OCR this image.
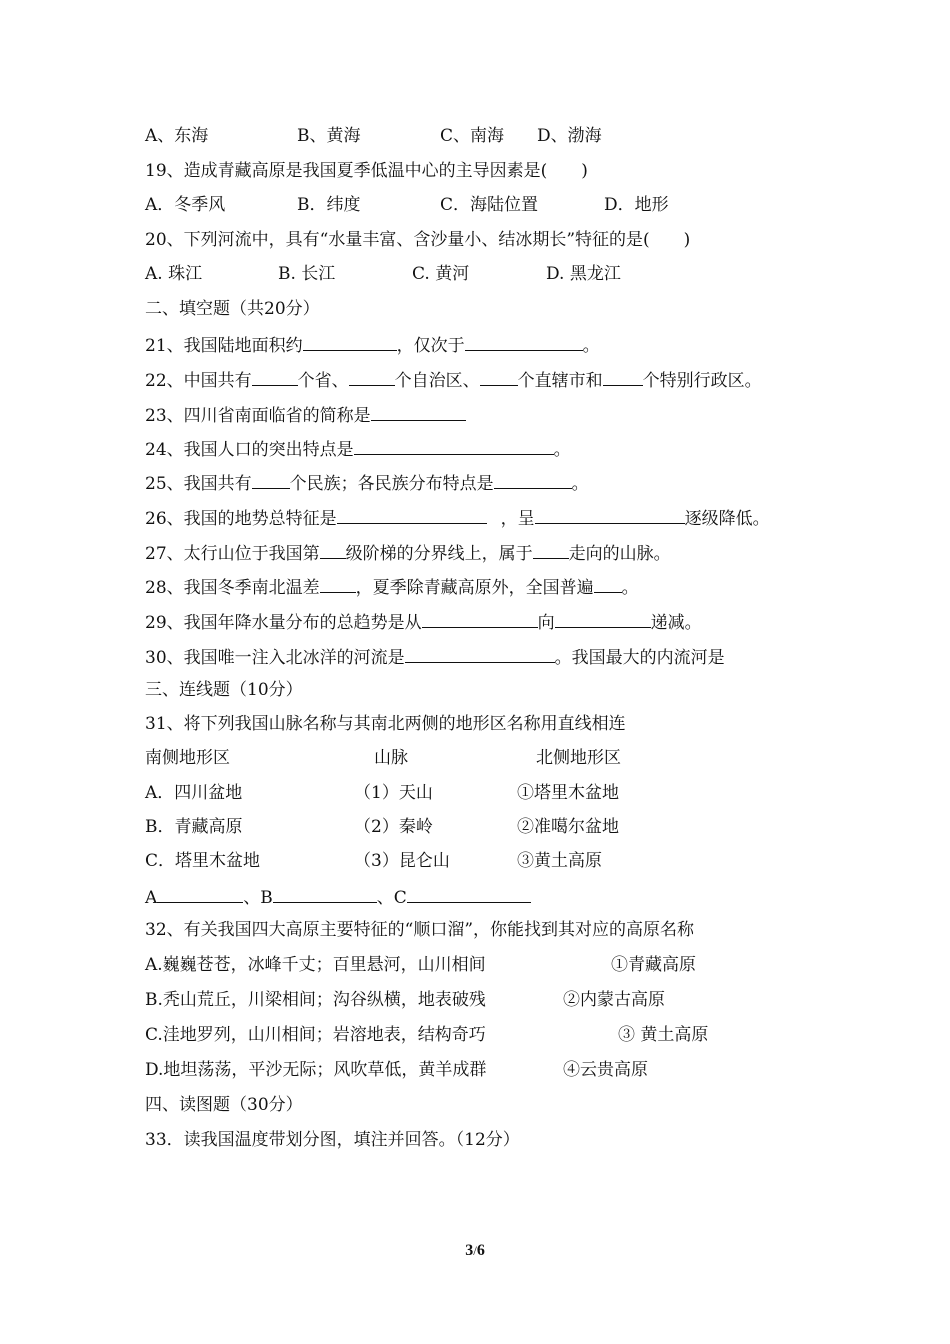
A、东海	B、黄海	C、南海 D、渤海
19、造成青藏高原是我国夏季低温中心的主导因素是(　　)
A．冬季风	B．纬度	C．海陆位置	D．地形
20、下列河流中，具有“水量丰富、含沙量小、结冰期长”特征的是(　　)
A. 珠江	B. 长江	C. 黄河	D. 黑龙江
二、填空题（共20分）
21、我国陆地面积约	，仅次于	。
22、中国共有	个省、	个自治区、 个直辖市和 个特别行政区。
23、四川省南面临省的简称是
24、我国人口的突出特点是	。
25、我国共有 个民族；各民族分布特点是	。
26、我国的地势总特征是	，呈	逐级降低。
27、太行山位于我国第 级阶梯的分界线上，属于 走向的山脉。
28、我国冬季南北温差 ，夏季除青藏高原外，全国普遍 。
29、我国年降水量分布的总趋势是从	向	递减。
30、我国唯一注入北冰洋的河流是	。我国最大的内流河是
三、连线题（10分）
31、将下列我国山脉名称与其南北两侧的地形区名称用直线相连
南侧地形区	山脉	北侧地形区
A．四川盆地	（1）天山	①塔里木盆地
B．青藏高原	（2）秦岭	②准噶尔盆地
C．塔里木盆地	（3）昆仑山	③黄土高原
A	、B	、C
32、有关我国四大高原主要特征的“顺口溜”，你能找到其对应的高原名称
A.巍巍苍苍，冰峰千丈；百里悬河，山川相间	①青藏高原
B.秃山荒丘，川梁相间；沟谷纵横，地表破残	②内蒙古高原
C.洼地罗列，山川相间；岩溶地表，结构奇巧	③ 黄土高原
D.地坦荡荡，平沙无际；风吹草低，黄羊成群	④云贵高原
四、读图题（30分）
33．读我国温度带划分图，填注并回答。（12分）
3/6
